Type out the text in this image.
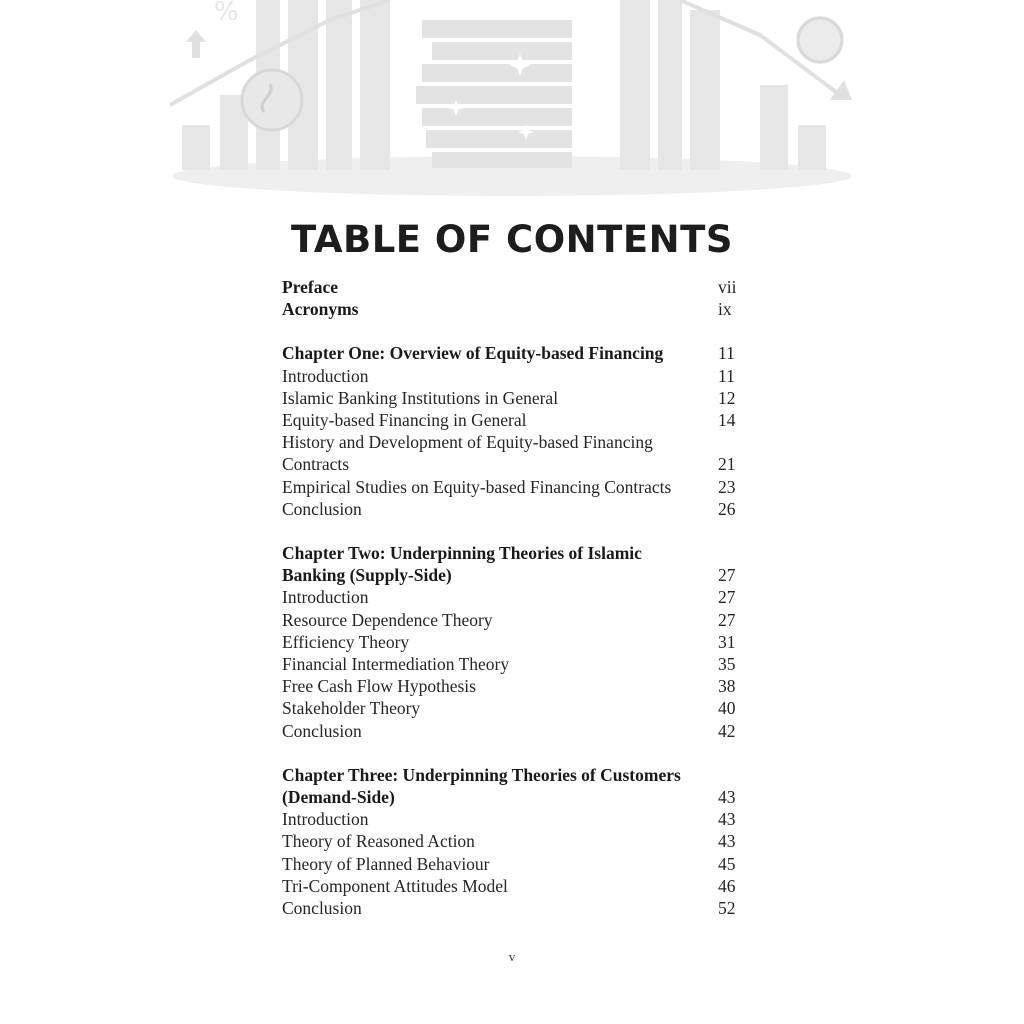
%
TABLE OF CONTENTS
Preface	vii
Acronyms	ix
Chapter One: Overview of Equity-based Financing	11
Introduction	11
Islamic Banking Institutions in General	12
Equity-based Financing in General	14
History and Development of Equity-based Financing Contracts	21
Empirical Studies on Equity-based Financing Contracts	23
Conclusion	26
Chapter Two: Underpinning Theories of Islamic Banking (Supply-Side)	27
Introduction	27
Resource Dependence Theory	27
Efficiency Theory	31
Financial Intermediation Theory	35
Free Cash Flow Hypothesis	38
Stakeholder Theory	40
Conclusion	42
Chapter Three: Underpinning Theories of Customers (Demand-Side)	43
Introduction	43
Theory of Reasoned Action	43
Theory of Planned Behaviour	45
Tri-Component Attitudes Model	46
Conclusion	52
v
